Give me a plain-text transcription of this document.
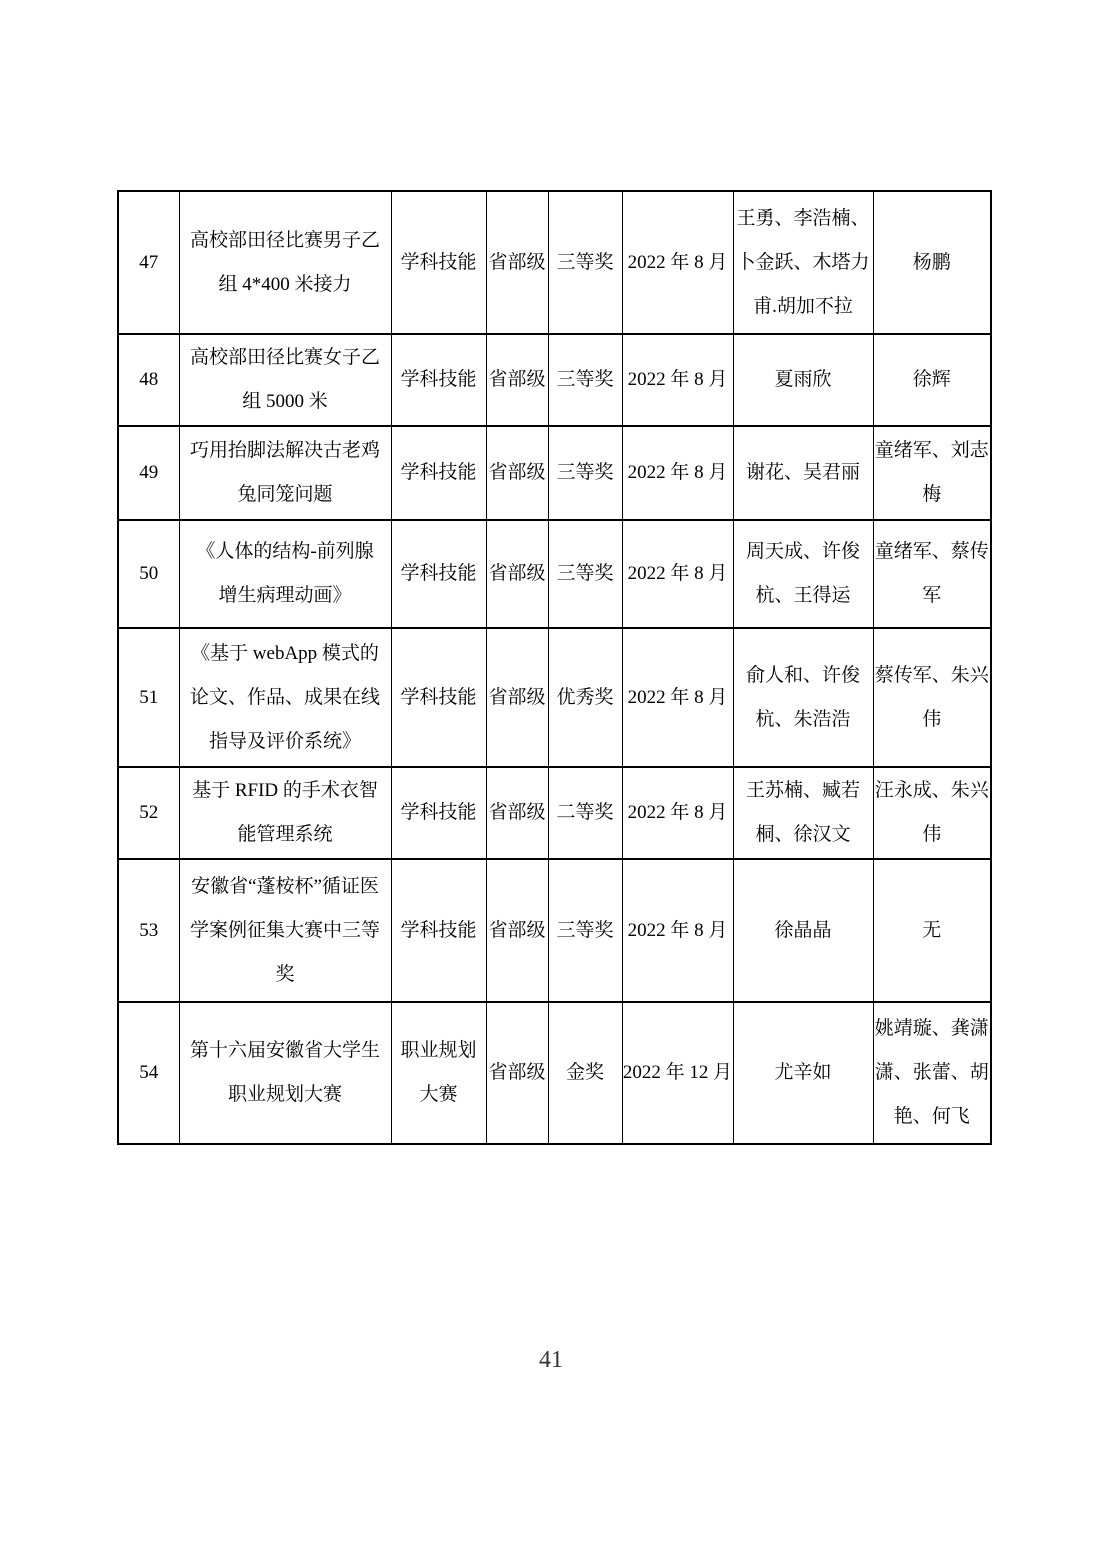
47	高校部田径比赛男子乙组 4*400 米接力	学科技能	省部级	三等奖	2022 年 8 月	王勇、李浩楠、卜金跃、木塔力甫.胡加不拉	杨鹏
48	高校部田径比赛女子乙组 5000 米	学科技能	省部级	三等奖	2022 年 8 月	夏雨欣	徐辉
49	巧用抬脚法解决古老鸡兔同笼问题	学科技能	省部级	三等奖	2022 年 8 月	谢花、吴君丽	童绪军、刘志梅
50	《人体的结构-前列腺增生病理动画》	学科技能	省部级	三等奖	2022 年 8 月	周天成、许俊杭、王得运	童绪军、蔡传军
51	《基于 webApp 模式的论文、作品、成果在线指导及评价系统》	学科技能	省部级	优秀奖	2022 年 8 月	俞人和、许俊杭、朱浩浩	蔡传军、朱兴伟
52	基于 RFID 的手术衣智能管理系统	学科技能	省部级	二等奖	2022 年 8 月	王苏楠、臧若桐、徐汉文	汪永成、朱兴伟
53	安徽省“蓬桉杯”循证医学案例征集大赛中三等奖	学科技能	省部级	三等奖	2022 年 8 月	徐晶晶	无
54	第十六届安徽省大学生职业规划大赛	职业规划大赛	省部级	金奖	2022 年 12 月	尤辛如	姚靖璇、龚潇潇、张蕾、胡艳、何飞
41
